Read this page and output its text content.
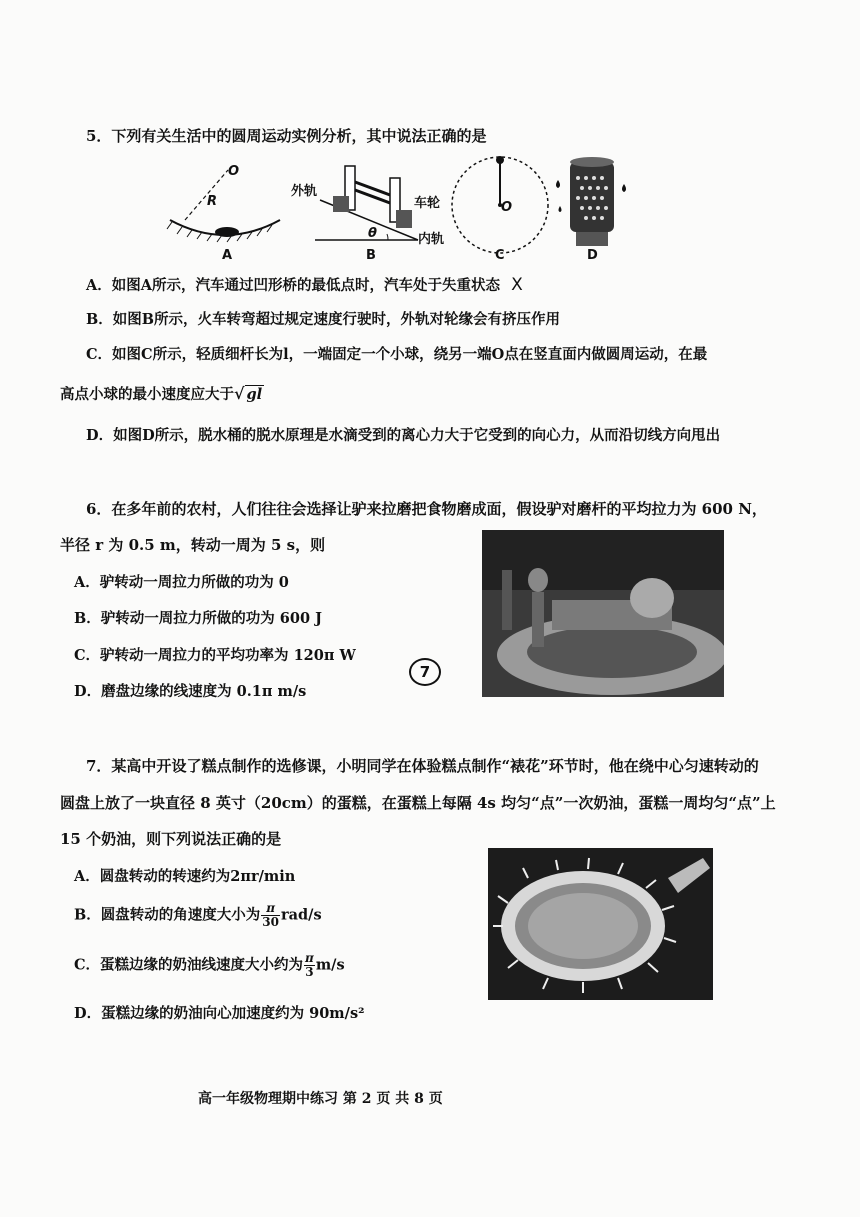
5．下列有关生活中的圆周运动实例分析，其中说法正确的是
O
R
外轨
车轮
内轨
θ
O
A	B	C	D
A．如图A所示，汽车通过凹形桥的最低点时，汽车处于失重状态 X
B．如图B所示，火车转弯超过规定速度行驶时，外轨对轮缘会有挤压作用
C．如图C所示，轻质细杆长为l，一端固定一个小球，绕另一端O点在竖直面内做圆周运动，在最
高点小球的最小速度应大于√ gl
D．如图D所示，脱水桶的脱水原理是水滴受到的离心力大于它受到的向心力，从而沿切线方向甩出
6．在多年前的农村，人们往往会选择让驴来拉磨把食物磨成面，假设驴对磨杆的平均拉力为 600 N，
半径 r 为 0.5 m，转动一周为 5 s，则
A．驴转动一周拉力所做的功为 0
B．驴转动一周拉力所做的功为 600 J
C．驴转动一周拉力的平均功率为 120π W
D．磨盘边缘的线速度为 0.1π m/s
7
7．某高中开设了糕点制作的选修课，小明同学在体验糕点制作“裱花”环节时，他在绕中心匀速转动的
圆盘上放了一块直径 8 英寸（20cm）的蛋糕，在蛋糕上每隔 4s 均匀“点”一次奶油，蛋糕一周均匀“点”上
15 个奶油，则下列说法正确的是
A．圆盘转动的转速约为2πr/min
B．圆盘转动的角速度大小为 $\frac{\pi}{30} rad/s$
C．蛋糕边缘的奶油线速度大小约为 $\frac{\pi}{3} m/s$
D．蛋糕边缘的奶油向心加速度约为 90m/s²
高一年级物理期中练习 第 2 页 共 8 页
